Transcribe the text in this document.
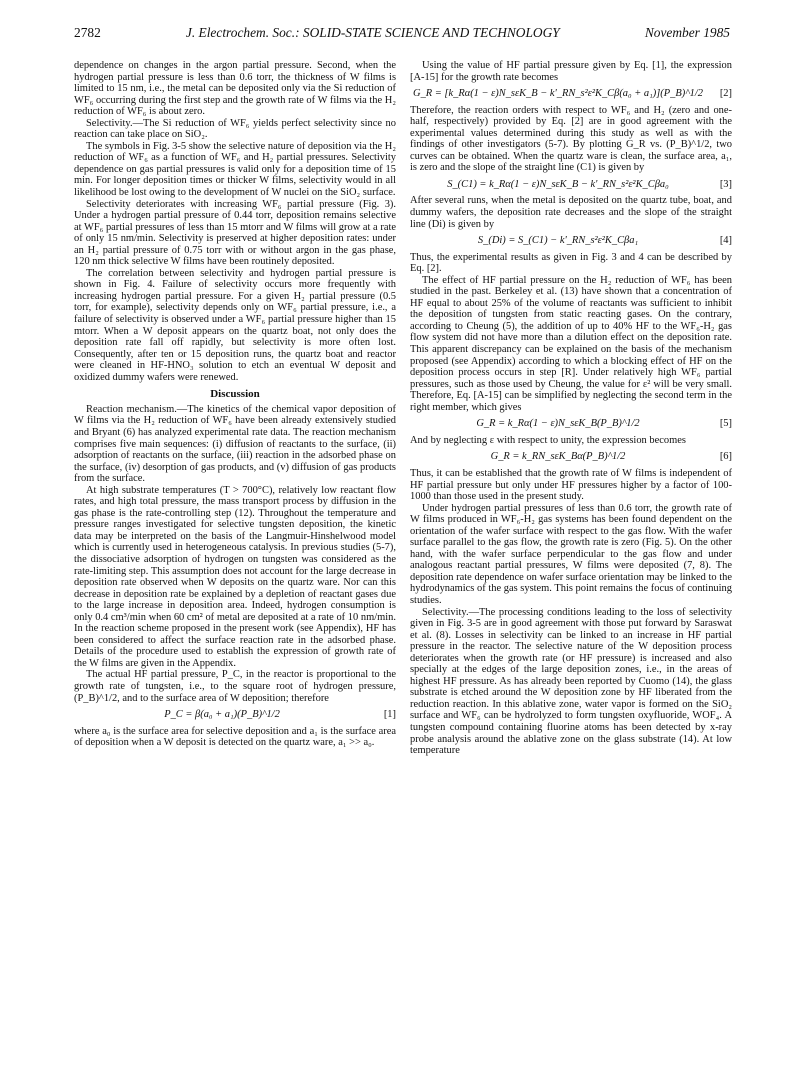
2782	J. Electrochem. Soc.: SOLID-STATE SCIENCE AND TECHNOLOGY	November 1985

dependence on changes in the argon partial pressure. Second, when the hydrogen partial pressure is less than 0.6 torr, the thickness of W films is limited to 15 nm, i.e., the metal can be deposited only via the Si reduction of WF₆ occurring during the first step and the growth rate of W films via the H₂ reduction of WF₆ is about zero.

Selectivity.—The Si reduction of WF₆ yields perfect selectivity since no reaction can take place on SiO₂.

The symbols in Fig. 3-5 show the selective nature of deposition via the H₂ reduction of WF₆ as a function of WF₆ and H₂ partial pressures. Selectivity dependence on gas partial pressures is valid only for a deposition time of 15 min. For longer deposition times or thicker W films, selectivity would in all likelihood be lost owing to the development of W nuclei on the SiO₂ surface.

Selectivity deteriorates with increasing WF₆ partial pressure (Fig. 3). Under a hydrogen partial pressure of 0.44 torr, deposition remains selective at WF₆ partial pressures of less than 15 mtorr and W films will grow at a rate of only 15 nm/min. Selectivity is preserved at higher deposition rates: under an H₂ partial pressure of 0.75 torr with or without argon in the gas phase, 120 nm thick selective W films have been routinely deposited.

The correlation between selectivity and hydrogen partial pressure is shown in Fig. 4. Failure of selectivity occurs more frequently with increasing hydrogen partial pressure. For a given H₂ partial pressure (0.5 torr, for example), selectivity depends only on WF₆ partial pressure, i.e., a failure of selectivity is observed under a WF₆ partial pressure higher than 15 mtorr. When a W deposit appears on the quartz boat, not only does the deposition rate fall off rapidly, but selectivity is more often lost. Consequently, after ten or 15 deposition runs, the quartz boat and reactor were cleaned in HF-HNO₃ solution to etch an eventual W deposit and oxidized dummy wafers were renewed.

Discussion

Reaction mechanism.—The kinetics of the chemical vapor deposition of W films via the H₂ reduction of WF₆ have been already extensively studied and Bryant (6) has analyzed experimental rate data. The reaction mechanism comprises five main sequences: (i) diffusion of reactants to the surface, (ii) adsorption of reactants on the surface, (iii) reaction in the adsorbed phase on the surface, (iv) desorption of gas products, and (v) diffusion of gas products from the surface.

At high substrate temperatures (T > 700°C), relatively low reactant flow rates, and high total pressure, the mass transport process by diffusion in the gas phase is the rate-controlling step (12). Throughout the temperature and pressure ranges investigated for selective tungsten deposition, the kinetic data may be interpreted on the basis of the Langmuir-Hinshelwood model which is currently used in heterogeneous catalysis. In previous studies (5-7), the dissociative adsorption of hydrogen on tungsten was considered as the rate-limiting step. This assumption does not account for the large decrease in deposition rate observed when W deposits on the quartz ware. Nor can this decrease in deposition rate be explained by a depletion of reactant gases due to the large increase in deposition area. Indeed, hydrogen consumption is only 0.4 cm³/min when 60 cm² of metal are deposited at a rate of 10 nm/min. In the reaction scheme proposed in the present work (see Appendix), HF has been considered to affect the surface reaction rate in the adsorbed phase. Details of the procedure used to establish the expression of growth rate of the W films are given in the Appendix.

The actual HF partial pressure, P_C, in the reactor is proportional to the growth rate of tungsten, i.e., to the square root of hydrogen pressure, (P_B)^1/2, and to the surface area of W deposition; therefore

P_C = β(a₀ + a₁)(P_B)^1/2	[1]

where a₀ is the surface area for selective deposition and a₁ is the surface area of deposition when a W deposit is detected on the quartz ware, a₁ >> a₀.

Using the value of HF partial pressure given by Eq. [1], the expression [A-15] for the growth rate becomes

G_R = [k_Rα(1 − ε)N_sεK_B − k'_RN_s²ε²K_Cβ(a₀ + a₁)](P_B)^1/2	[2]

Therefore, the reaction orders with respect to WF₆ and H₂ (zero and one-half, respectively) provided by Eq. [2] are in good agreement with the experimental values determined during this study as well as with the findings of other investigators (5-7). By plotting G_R vs. (P_B)^1/2, two curves can be obtained. When the quartz ware is clean, the surface area, a₁, is zero and the slope of the straight line (C1) is given by

S_(C1) = k_Rα(1 − ε)N_sεK_B − k'_RN_s²ε²K_Cβa₀	[3]

After several runs, when the metal is deposited on the quartz tube, boat, and dummy wafers, the deposition rate decreases and the slope of the straight line (Di) is given by

S_(Di) = S_(C1) − k'_RN_s²ε²K_Cβa₁	[4]

Thus, the experimental results as given in Fig. 3 and 4 can be described by Eq. [2].

The effect of HF partial pressure on the H₂ reduction of WF₆ has been studied in the past. Berkeley et al. (13) have shown that a concentration of HF equal to about 25% of the volume of reactants was sufficient to inhibit the deposition of tungsten from static reacting gases. On the contrary, according to Cheung (5), the addition of up to 40% HF to the WF₆-H₂ gas flow system did not have more than a dilution effect on the deposition rate. This apparent discrepancy can be explained on the basis of the mechanism proposed (see Appendix) according to which a blocking effect of HF on the deposition process occurs in step [R]. Under relatively high WF₆ partial pressures, such as those used by Cheung, the value for ε² will be very small. Therefore, Eq. [A-15] can be simplified by neglecting the second term in the right member, which gives

G_R = k_Rα(1 − ε)N_sεK_B(P_B)^1/2	[5]

And by neglecting ε with respect to unity, the expression becomes

G_R = k_RN_sεK_Bα(P_B)^1/2	[6]

Thus, it can be established that the growth rate of W films is independent of HF partial pressure but only under HF pressures higher by a factor of 100-1000 than those used in the present study.

Under hydrogen partial pressures of less than 0.6 torr, the growth rate of W films produced in WF₆-H₂ gas systems has been found dependent on the orientation of the wafer surface with respect to the gas flow. With the wafer surface parallel to the gas flow, the growth rate is zero (Fig. 5). On the other hand, with the wafer surface perpendicular to the gas flow and under analogous reactant partial pressures, W films were deposited (7, 8). The deposition rate dependence on wafer surface orientation may be linked to the hydrodynamics of the gas system. This point remains the focus of continuing studies.

Selectivity.—The processing conditions leading to the loss of selectivity given in Fig. 3-5 are in good agreement with those put forward by Saraswat et al. (8). Losses in selectivity can be linked to an increase in HF partial pressure in the reactor. The selective nature of the W deposition process deteriorates when the growth rate (or HF pressure) is increased and also specially at the edges of the large deposition zones, i.e., in the areas of highest HF pressure. As has already been reported by Cuomo (14), the glass substrate is etched around the W deposition zone by HF liberated from the reduction reaction. In this ablative zone, water vapor is formed on the SiO₂ surface and WF₆ can be hydrolyzed to form tungsten oxyfluoride, WOF₄. A tungsten compound containing fluorine atoms has been detected by x-ray probe analysis around the ablative zone on the glass substrate (14). At low temperature
